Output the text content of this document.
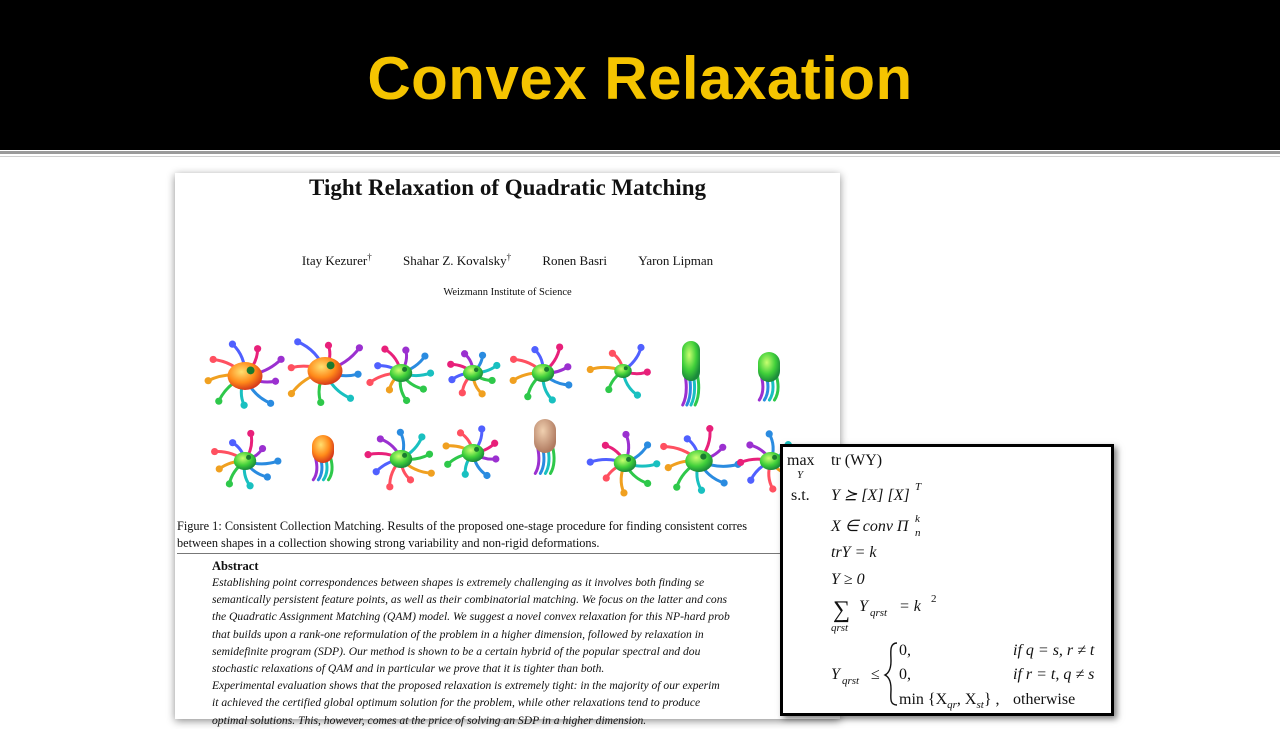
Convex Relaxation
Tight Relaxation of Quadratic Matching
Itay Kezurer† Shahar Z. Kovalsky† Ronen Basri Yaron Lipman
Weizmann Institute of Science
Figure 1: Consistent Collection Matching. Results of the proposed one-stage procedure for finding consistent corres
between shapes in a collection showing strong variability and non-rigid deformations.
Abstract
Establishing point correspondences between shapes is extremely challenging as it involves both finding se
semantically persistent feature points, as well as their combinatorial matching. We focus on the latter and cons
the Quadratic Assignment Matching (QAM) model. We suggest a novel convex relaxation for this NP-hard prob
that builds upon a rank-one reformulation of the problem in a higher dimension, followed by relaxation in
semidefinite program (SDP). Our method is shown to be a certain hybrid of the popular spectral and dou
stochastic relaxations of QAM and in particular we prove that it is tighter than both.
Experimental evaluation shows that the proposed relaxation is extremely tight: in the majority of our experim
it achieved the certified global optimum solution for the problem, while other relaxations tend to produce
optimal solutions. This, however, comes at the price of solving an SDP in a higher dimension.
max
Y
tr (WY)
s.t. Y ⪰ [X] [X] T
X ∈ conv Π k
n
trY = k
Y ≥ 0
∑
qrst
Y qrst = k 2
Y qrst ≤
0,	if q = s, r ≠ t
0,	if r = t, q ≠ s
$\min \{X_{qr}$, $X_{st}$} , otherwise
